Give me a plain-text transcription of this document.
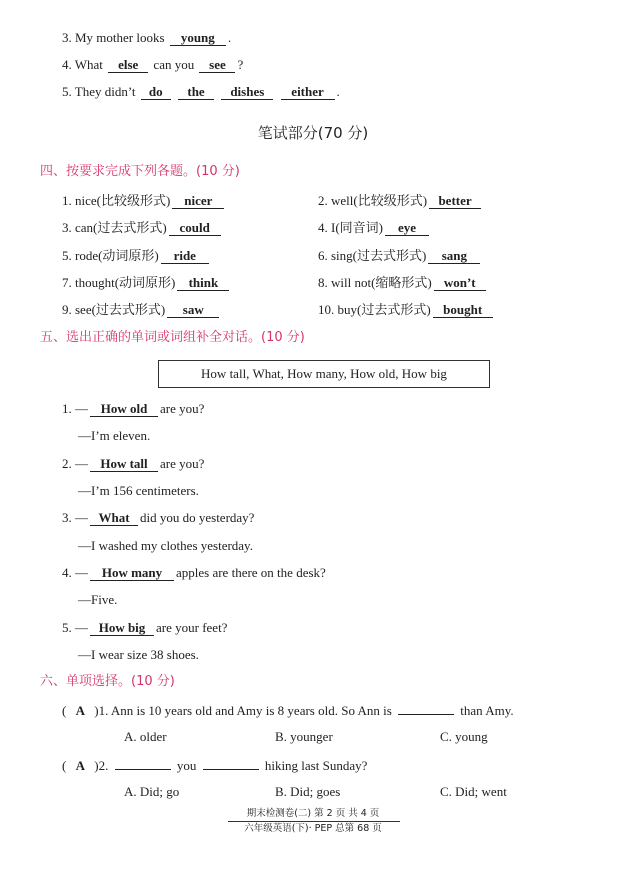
3. My mother looks young .
4. What else can you see ?
5. They didn’t do the dishes either .
笔试部分(70 分)
四、按要求完成下列各题。(10 分)
1. nice(比较级形式) nicer	2. well(比较级形式) better
3. can(过去式形式) could	4. I(同音词) eye
5. rode(动词原形) ride	6. sing(过去式形式) sang
7. thought(动词原形) think	8. will not(缩略形式) won’t
9. see(过去式形式) saw	10. buy(过去式形式) bought
五、选出正确的单词或词组补全对话。(10 分)
How tall, What, How many, How old, How big
1. — How old are you?
—I’m eleven.
2. — How tall are you?
—I’m 156 centimeters.
3. — What did you do yesterday?
—I washed my clothes yesterday.
4. — How many apples are there on the desk?
—Five.
5. — How big are your feet?
—I wear size 38 shoes.
六、单项选择。(10 分)
( A )1. Ann is 10 years old and Amy is 8 years old. So Ann is	than Amy.
A. older	B. younger	C. young
( A )2.	you	hiking last Sunday?
A. Did; go	B. Did; goes	C. Did; went
期末检测卷(二) 第 2 页 共 4 页
六年级英语(下)· PEP 总第 68 页
